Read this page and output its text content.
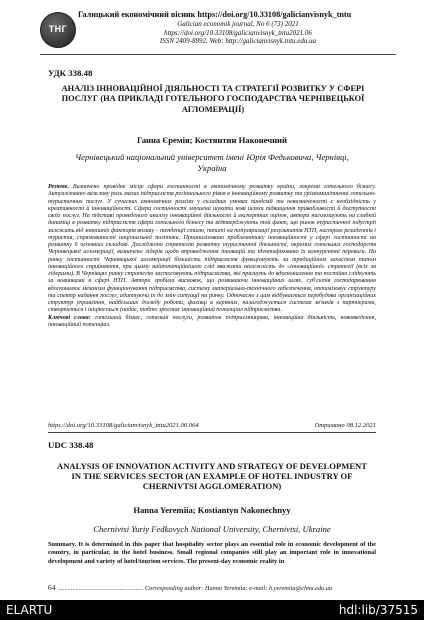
ТНГ
Галицький економічний вісник https://doi.org/10.33108/galicianvisnyk_tntu
Galician economik journal, No 6 (73) 2021
https://doi.org/10.33108/galicianvisnyk_tntu2021.06
ISSN 2409-8892. Web: http://galicianvisnyk.tntu.edu.ua
УДК 338.48
АНАЛІЗ ІННОВАЦІЙНОЇ ДІЯЛЬНОСТІ ТА СТРАТЕГІЇ РОЗВИТКУ У СФЕРІ ПОСЛУГ (НА ПРИКЛАДІ ГОТЕЛЬНОГО ГОСПОДАРСТВА ЧЕРНІВЕЦЬКОЇ АГЛОМЕРАЦІЇ)
Ганна Єремія; Костянтин Наконечний
Чернівецький національний університет імені Юрія Федьковича, Чернівці, Україна
Резюме. Визначено провідне місце сфери гостинності в економічному розвитку країни, зокрема готельного бізнесу. Актуалізовано важливу роль малих підприємств регіонального рівня в інноваційному розвитку та урізноманітненні готельно-туристичних послуг. У сучасних економічних реаліях у складних умовах пандемії та невизначеності є необхідність у креативності й інноваційності. Сфера гостинності змушена шукати нові шляхи підвищення привабливості й доступності своїх послуг. На підставі проведеного аналізу інноваційної діяльності й експертних оцінок, автори наголошують на слабкій динаміці в розвитку підприємств сфери готельного бізнесу та відтверджують той факт, що ринок туристичної індустрії залежить від зовнішніх факторів впливу – тенденції стилю, попиті на популяризації результатів НТП, настрою резидентів і туристів, спрямованості національної політики. Проаналізовано проблематику інноваційності у сфері гостинності на розвитку її основних складові. Досліджено стратегію розвитку туристичної діяльності, окремих готельних господарств Чернівецької агломерації, визначено лідерів щодо впровадження інновацій та ідентифіковано їх конкурентні переваги. На ринку гостинності Чернівецької агломерації більшість підприємств функціонують за традиційним захистом типом інноваційного сприйняття, при цьому найпотенційнішою слід вважати належність до «інноваційної» стратегії (всіх за лідерами). В Чернівцях ринку стратегію застосовують підприємства, які прагнуть до вдосконалення та постійно слідкують за новинками в сфері НТП. Автори зробили висновок, що розвиваючи інноваційних шлях, суб'єктів господарювання вдосконалює механізм функціонування підприємства, систему матеріально-технічного забезпечення, оптимізовує структуру та спектр надання послуг, адаптуючи їх до змін ситуації на ринку. Одночасно з цим відбувається перебудова організаційних структур управління, найбільших досвіду роботи, фахівці в керівних, налагоджується система зв'язків з партнерами, створюється і ініціюється (надає, тобто зростає інноваційний потенціал підприємства.
Ключові слова: готельний бізнес, готельні послуги, розвиток підприємництва, інноваційна діяльність, нововведення, інноваційний потенціал.
https://doi.org/10.33108/galicianvisnyk_tntu2021.06.064	Отримано 08.12.2021
UDC 338.48
ANALYSIS OF INNOVATION ACTIVITY AND STRATEGY OF DEVELOPMENT IN THE SERVICES SECTOR (AN EXAMPLE OF HOTEL INDUSTRY OF CHERNIVTSI AGGLOMERATION)
Hanna Yeremiia; Kostiantyn Nakonechnyy
Chernivtsi Yuriy Fedkovych National University, Chernivtsi, Ukraine
Summary. It is determined in this paper that hospitality sector plays an essential role in economic development of the country, in particular, in the hotel business. Small regional companies still play an important role in innovational development and variety of hotel/tourism services. The present-day economic reality in
64 ...................................................... Corresponding author: Hanna Yeremiia; e-mail: h.yeremiia@chnu.edu.ua
ELARTU	hdl:lib/37515
